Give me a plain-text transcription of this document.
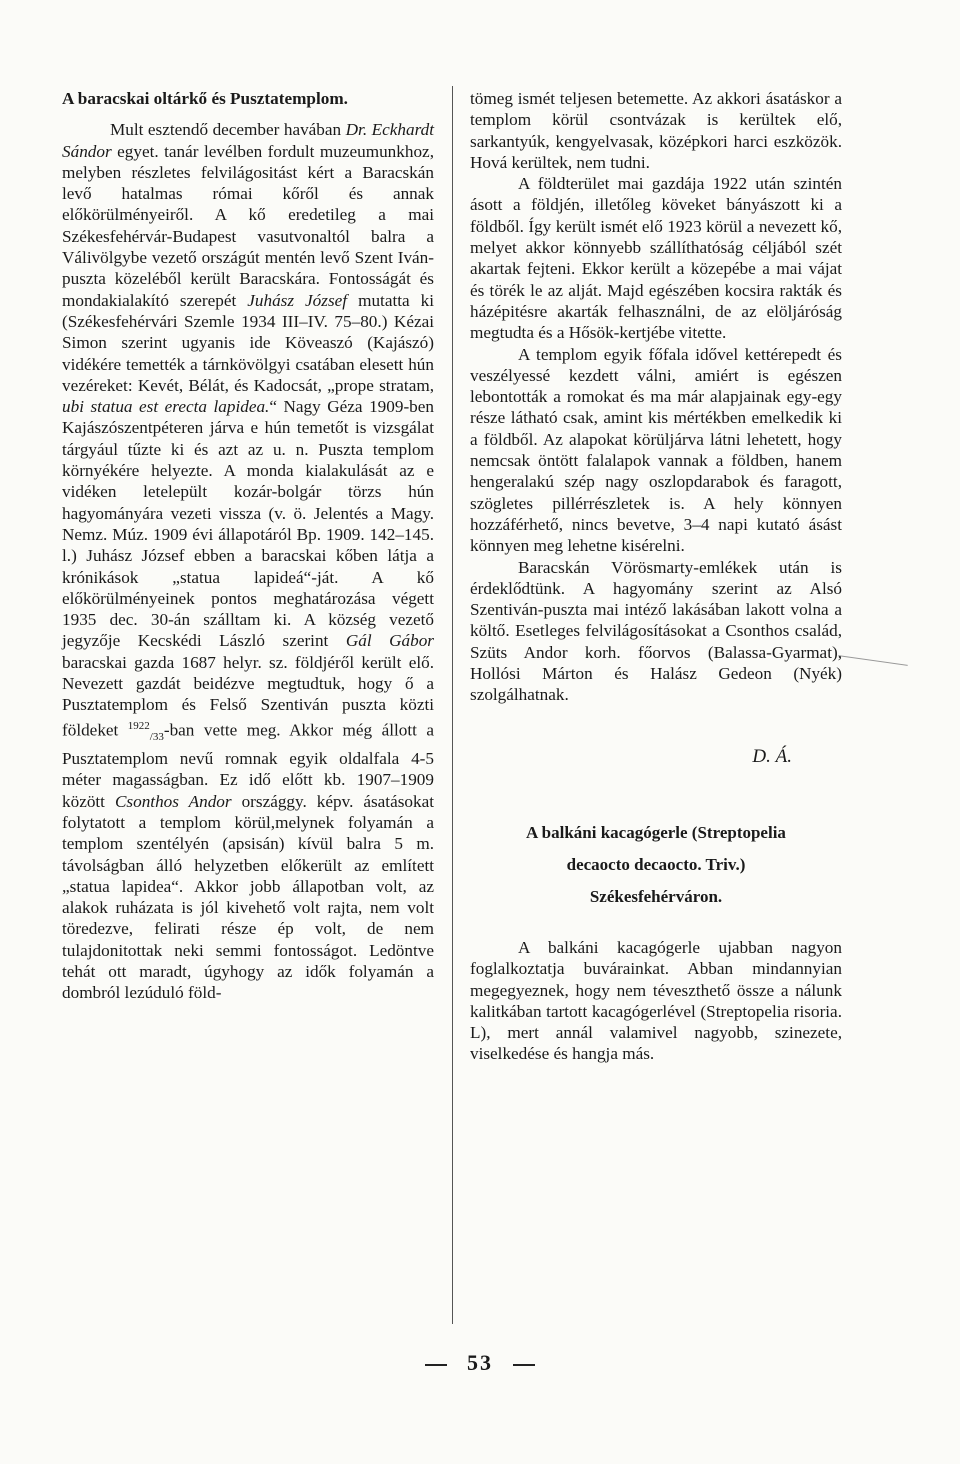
A baracskai oltárkő és Pusztatemplom.

Mult esztendő december havában Dr. Eckhardt Sándor egyet. tanár levélben fordult muzeumunkhoz, melyben részletes felvilágositást kért a Baracskán levő hatalmas római kőről és annak előkörülményeiről. A kő eredetileg a mai Székesfehérvár-Budapest vasutvonaltól balra a Válivölgybe vezető országút mentén levő Szent Iván-puszta közeléből került Baracskára. Fontosságát és mondakialakító szerepét Juhász József mutatta ki (Székesfehérvári Szemle 1934 III–IV. 75–80.) Kézai Simon szerint ugyanis ide Köveaszó (Kajászó) vidékére temették a tárnkövölgyi csatában elesett hún vezéreket: Kevét, Bélát, és Kadocsát, „prope stratam, ubi statua est erecta lapidea.“ Nagy Géza 1909-ben Kajászószentpéteren járva e hún temetőt is vizsgálat tárgyául tűzte ki és azt az u. n. Puszta templom környékére helyezte. A monda kialakulását az e vidéken letelepült kozár-bolgár törzs hún hagyományára vezeti vissza (v. ö. Jelentés a Magy. Nemz. Múz. 1909 évi állapotáról Bp. 1909. 142–145. l.) Juhász József ebben a baracskai kőben látja a krónikások „statua lapideá“-ját. A kő előkörülményeinek pontos meghatározása végett 1935 dec. 30-án szálltam ki. A község vezető jegyzője Kecskédi László szerint Gál Gábor baracskai gazda 1687 helyr. sz. földjéről került elő. Nevezett gazdát beidézve megtudtuk, hogy ő a Pusztatemplom és Felső Szentiván puszta közti földeket $^{1922}_{/33}$-ban vette meg. Akkor még állott a Pusztatemplom nevű romnak egyik oldalfala 4-5 méter magasságban. Ez idő előtt kb. 1907–1909 között Csonthos Andor országgy. képv. ásatásokat folytatott a templom körül,melynek folyamán a templom szentélyén (apsisán) kívül balra 5 m. távolságban álló helyzetben előkerült az említett „statua lapidea“. Akkor jobb állapotban volt, az alakok ruházata is jól kivehető volt rajta, nem volt töredezve, felirati része ép volt, de nem tulajdonitottak neki semmi fontosságot. Ledöntve tehát ott maradt, úgyhogy az idők folyamán a dombról lezúduló föld-

tömeg ismét teljesen betemette. Az akkori ásatáskor a templom körül csontvázak is kerültek elő, sarkantyúk, kengyelvasak, középkori harci eszközök. Hová kerültek, nem tudni.

A földterület mai gazdája 1922 után szintén ásott a földjén, illetőleg köveket bányászott ki a földből. Így került ismét elő 1923 körül a nevezett kő, melyet akkor könnyebb szállíthatóság céljából szét akartak fejteni. Ekkor került a közepébe a mai vájat és törék le az alját. Majd egészében kocsira rakták és házépitésre akarták felhasználni, de az elöljáróság megtudta és a Hősök-kertjébe vitette.

A templom egyik főfala idővel kettérepedt és veszélyessé kezdett válni, amiért is egészen lebontották a romokat és ma már alapjainak egy-egy része látható csak, amint kis mértékben emelkedik ki a földből. Az alapokat körüljárva látni lehetett, hogy nemcsak öntött falalapok vannak a földben, hanem hengeralakú szép nagy oszlopdarabok és faragott, szögletes pillérrészletek is. A hely könnyen hozzáférhető, nincs bevetve, 3–4 napi kutató ásást könnyen meg lehetne kisérelni.

Baracskán Vörösmarty-emlékek után is érdeklődtünk. A hagyomány szerint az Alsó Szentiván-puszta mai intéző lakásában lakott volna a költő. Esetleges felvilágosításokat a Csonthos család, Szüts Andor korh. főorvos (Balassa-Gyarmat), Hollósi Márton és Halász Gedeon (Nyék) szolgálhatnak.

D. Á.
A balkáni kacagógerle (Streptopelia
decaocto decaocto. Triv.)
Székesfehérváron.

A balkáni kacagógerle ujabban nagyon foglalkoztatja buvárainkat. Abban mindannyian megegyeznek, hogy nem téveszthető össze a nálunk kalitkában tartott kacagógerlével (Streptopelia risoria. L), mert annál valamivel nagyobb, szinezete, viselkedése és hangja más.

53
